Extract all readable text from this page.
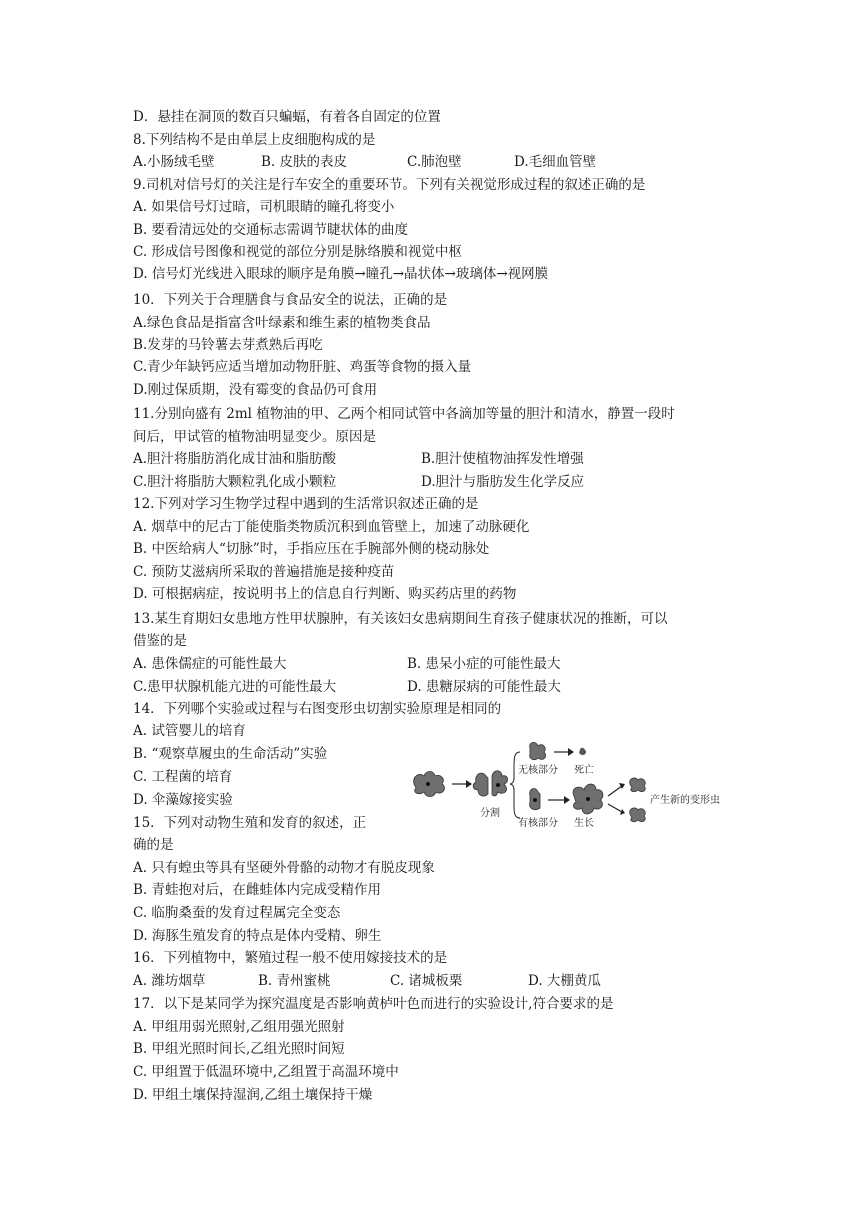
D．悬挂在洞顶的数百只蝙蝠，有着各自固定的位置
8.下列结构不是由单层上皮细胞构成的是
A.小肠绒毛壁	B. 皮肤的表皮	C.肺泡壁	D.毛细血管壁
9.司机对信号灯的关注是行车安全的重要环节。下列有关视觉形成过程的叙述正确的是
A. 如果信号灯过暗，司机眼睛的瞳孔将变小
B. 要看清远处的交通标志需调节睫状体的曲度
C. 形成信号图像和视觉的部位分别是脉络膜和视觉中枢
D. 信号灯光线进入眼球的顺序是角膜→瞳孔→晶状体→玻璃体→视网膜
10．下列关于合理膳食与食品安全的说法，正确的是
A.绿色食品是指富含叶绿素和维生素的植物类食品
B.发芽的马铃薯去芽煮熟后再吃
C.青少年缺钙应适当增加动物肝脏、鸡蛋等食物的摄入量
D.刚过保质期，没有霉变的食品仍可食用
11.分别向盛有 2ml 植物油的甲、乙两个相同试管中各滴加等量的胆汁和清水，静置一段时
间后，甲试管的植物油明显变少。原因是
A.胆汁将脂肪消化成甘油和脂肪酸	B.胆汁使植物油挥发性增强
C.胆汁将脂肪大颗粒乳化成小颗粒	D.胆汁与脂肪发生化学反应
12.下列对学习生物学过程中遇到的生活常识叙述正确的是
A. 烟草中的尼古丁能使脂类物质沉积到血管壁上，加速了动脉硬化
B. 中医给病人“切脉”时，手指应压在手腕部外侧的桡动脉处
C. 预防艾滋病所采取的普遍措施是接种疫苗
D. 可根据病症，按说明书上的信息自行判断、购买药店里的药物
13.某生育期妇女患地方性甲状腺肿，有关该妇女患病期间生育孩子健康状况的推断，可以
借鉴的是
A. 患侏儒症的可能性最大	B. 患呆小症的可能性最大
C.患甲状腺机能亢进的可能性最大	D. 患糖尿病的可能性最大
14．下列哪个实验或过程与右图变形虫切割实验原理是相同的
A. 试管婴儿的培育
B. “观察草履虫的生命活动”实验
C. 工程菌的培育
D. 伞藻嫁接实验
分割
无核部分 死亡
有核部分 生长
产生新的变形虫
15．下列对动物生殖和发育的叙述，正
确的是
A. 只有蝗虫等具有坚硬外骨骼的动物才有脱皮现象
B. 青蛙抱对后，在雌蛙体内完成受精作用
C. 临朐桑蚕的发育过程属完全变态
D. 海豚生殖发育的特点是体内受精、卵生
16．下列植物中，繁殖过程一般不使用嫁接技术的是
A. 潍坊烟草	B. 青州蜜桃	C. 诸城板栗	D. 大棚黄瓜
17．以下是某同学为探究温度是否影响黄栌叶色而进行的实验设计,符合要求的是
A. 甲组用弱光照射,乙组用强光照射
B. 甲组光照时间长,乙组光照时间短
C. 甲组置于低温环境中,乙组置于高温环境中
D. 甲组土壤保持湿润,乙组土壤保持干燥
